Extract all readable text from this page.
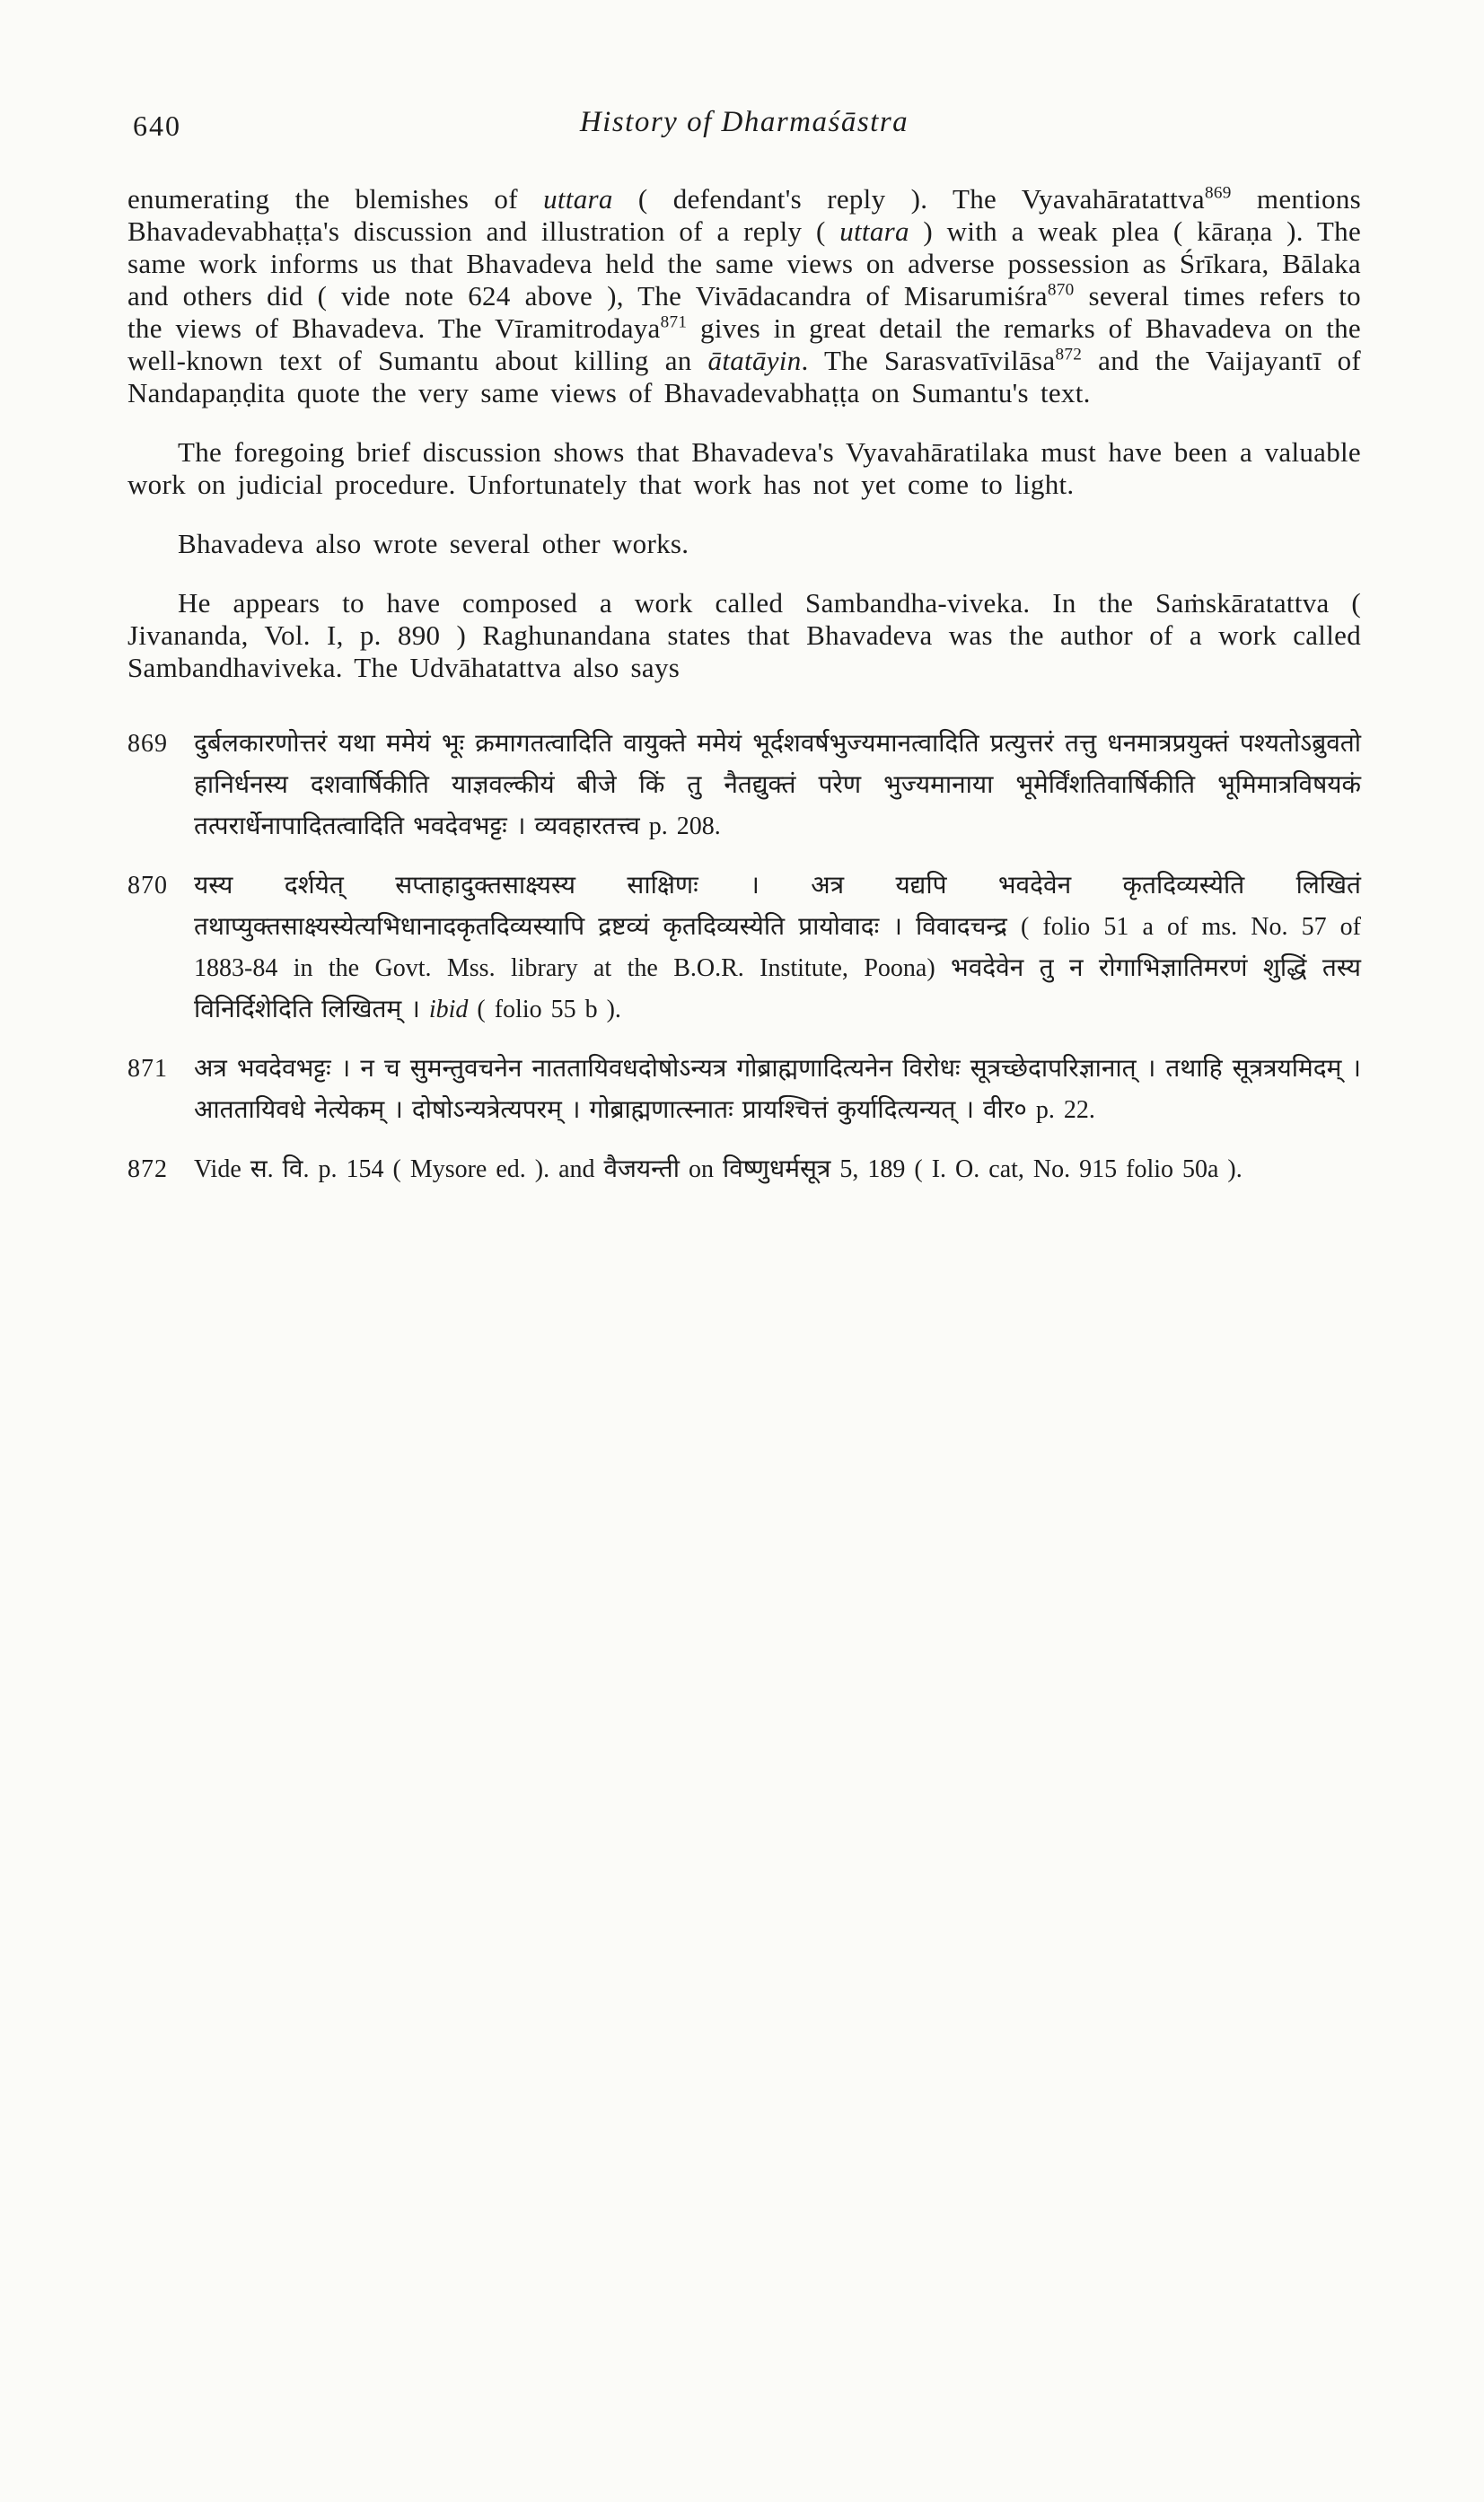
640	History of Dharmaśāstra

enumerating the blemishes of uttara ( defendant's reply ). The Vyavahāratattva$^{869}$ mentions Bhavadevabhaṭṭa's discussion and illustration of a reply ( uttara ) with a weak plea ( kāraṇa ). The same work informs us that Bhavadeva held the same views on adverse possession as Śrīkara, Bālaka and others did ( vide note 624 above ), The Vivādacandra of Misarumiśra$^{870}$ several times refers to the views of Bhavadeva. The Vīramitrodaya$^{871}$ gives in great detail the remarks of Bhavadeva on the well-known text of Sumantu about killing an ātatāyin. The Sarasvatīvilāsa$^{872}$ and the Vaijayantī of Nandapaṇḍita quote the very same views of Bhavadevabhaṭṭa on Sumantu's text.

The foregoing brief discussion shows that Bhavadeva's Vyavahāratilaka must have been a valuable work on judicial procedure. Unfortunately that work has not yet come to light.

Bhavadeva also wrote several other works.

He appears to have composed a work called Sambandha-viveka. In the Saṁskāratattva ( Jivananda, Vol. I, p. 890 ) Raghunandana states that Bhavadeva was the author of a work called Sambandhaviveka. The Udvāhatattva also says

869	दुर्बलकारणोत्तरं यथा ममेयं भूः क्रमागतत्वादिति वायुक्ते ममेयं भूर्दशवर्षभुज्यमानत्वादिति प्रत्युत्तरं तत्तु धनमात्रप्रयुक्तं पश्यतोऽब्रुवतो हानिर्धनस्य दशवार्षिकीति याज्ञवल्कीयं बीजे किं तु नैतद्युक्तं परेण भुज्यमानाया भूमेर्विंशतिवार्षिकीति भूमिमात्रविषयकं तत्परार्धेनापादितत्वादिति भवदेवभट्टः । व्यवहारतत्त्व p. 208.
870	यस्य दर्शयेत् सप्ताहादुक्तसाक्ष्यस्य साक्षिणः । अत्र यद्यपि भवदेवेन कृतदिव्यस्येति लिखितं तथाप्युक्तसाक्ष्यस्येत्यभिधानादकृतदिव्यस्यापि द्रष्टव्यं कृतदिव्यस्येति प्रायोवादः । विवादचन्द्र ( folio 51 a of ms. No. 57 of 1883-84 in the Govt. Mss. library at the B.O.R. Institute, Poona) भवदेवेन तु न रोगाभिज्ञातिमरणं शुद्धिं तस्य विनिर्दिशेदिति लिखितम् । ibid ( folio 55 b ).
871	अत्र भवदेवभट्टः । न च सुमन्तुवचनेन नाततायिवधदोषोऽन्यत्र गोब्राह्मणादित्यनेन विरोधः सूत्रच्छेदापरिज्ञानात् । तथाहि सूत्रत्रयमिदम् । आततायिवधे नेत्येकम् । दोषोऽन्यत्रेत्यपरम् । गोब्राह्मणात्स्नातः प्रायश्चित्तं कुर्यादित्यन्यत् । वीर० p. 22.
872	Vide स. वि. p. 154 ( Mysore ed. ). and वैजयन्ती on विष्णुधर्मसूत्र 5, 189 ( I. O. cat, No. 915 folio 50a ).
